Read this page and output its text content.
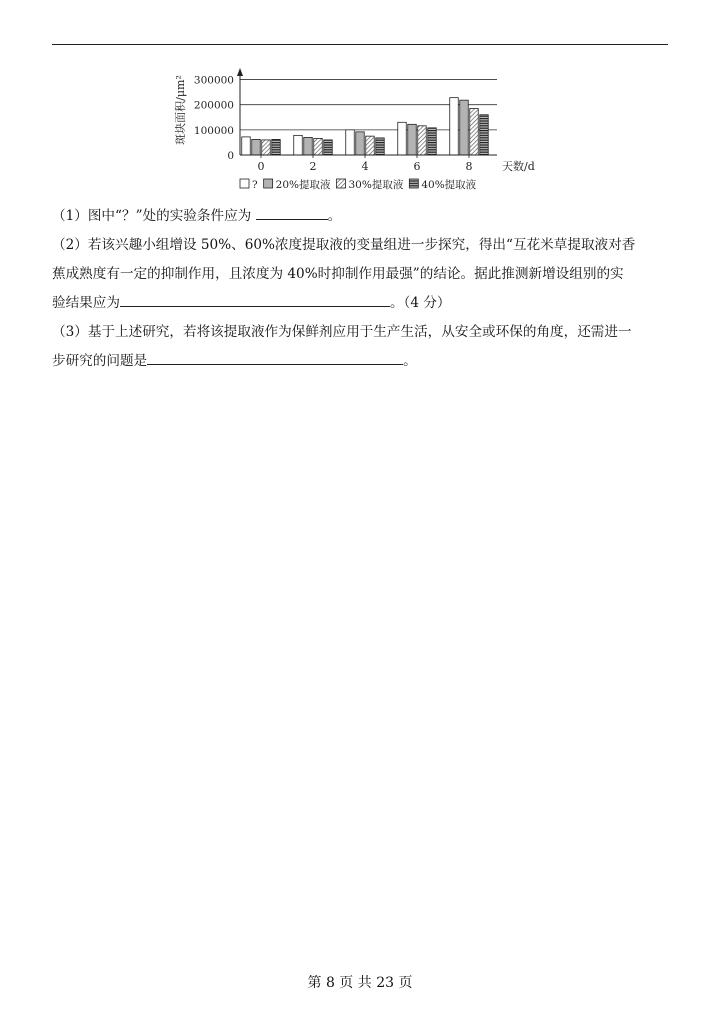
斑块面积/μm²
0
100000
200000
300000
0	2	4	6	8	天数/d
? 20%提取液 30%提取液 40%提取液
（1）图中“？”处的实验条件应为	。
（2）若该兴趣小组增设 50%、60%浓度提取液的变量组进一步探究，得出“互花米草提取液对香
蕉成熟度有一定的抑制作用，且浓度为 40%时抑制作用最强”的结论。据此推测新增设组别的实
验结果应为	。（4 分）
（3）基于上述研究，若将该提取液作为保鲜剂应用于生产生活，从安全或环保的角度，还需进一
步研究的问题是	。
第 8 页 共 23 页
